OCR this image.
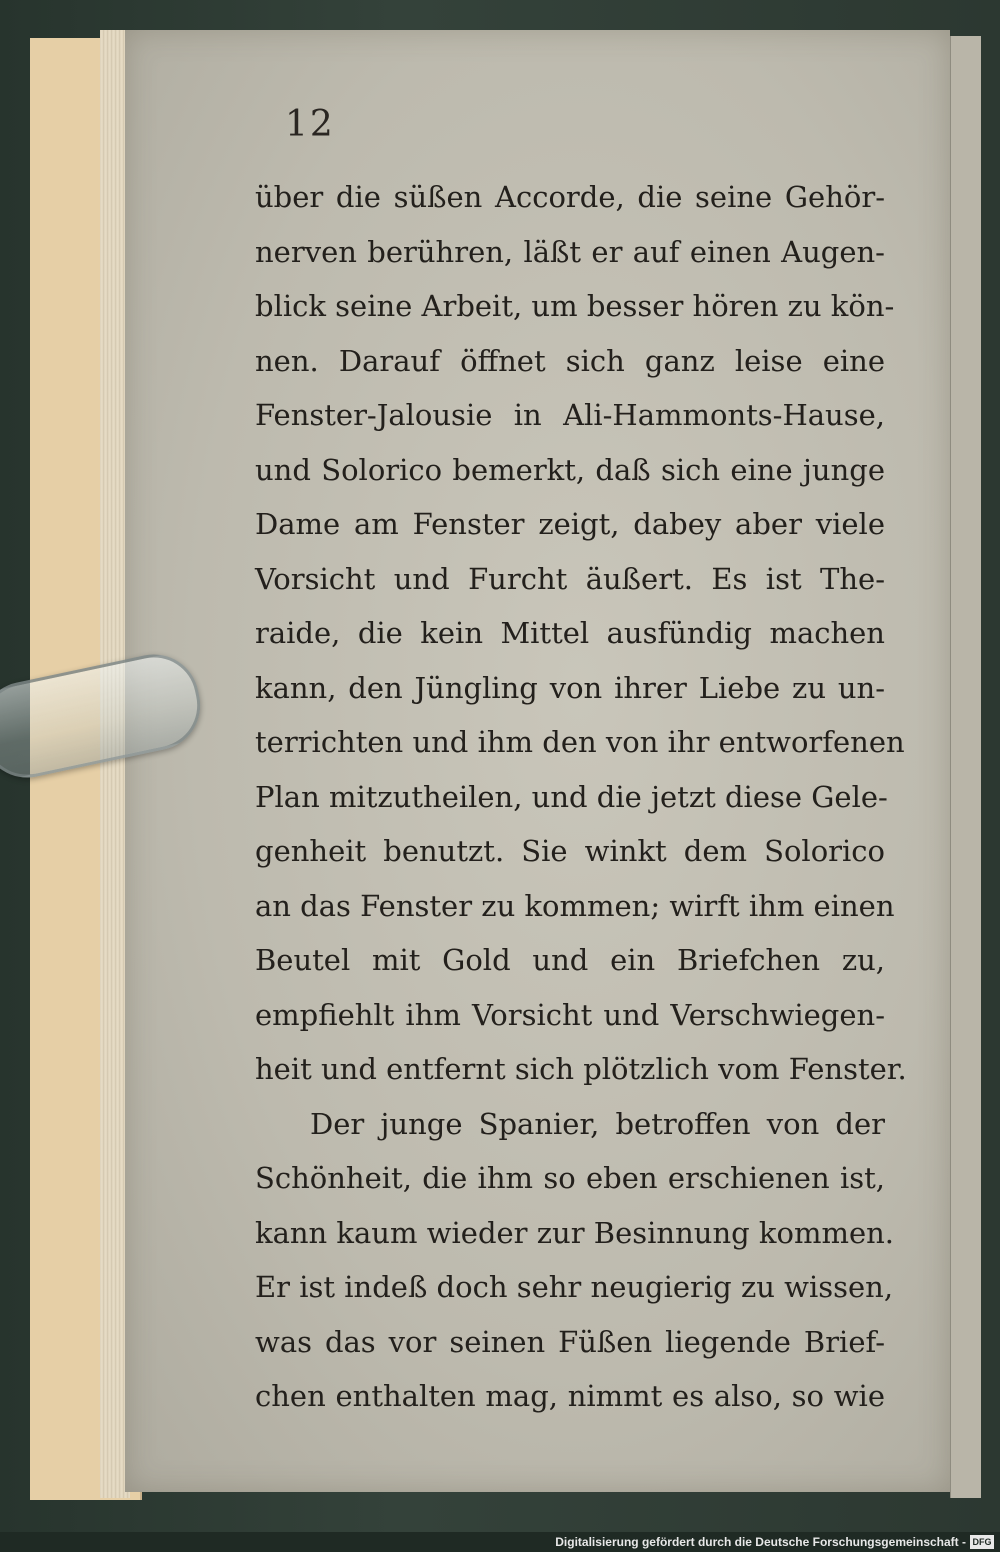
12
über die süßen Accorde, die seine Gehör-
nerven berühren, läßt er auf einen Augen-
blick seine Arbeit, um besser hören zu kön-
nen. Darauf öffnet sich ganz leise eine
Fenster-Jalousie in Ali-Hammonts-Hause,
und Solorico bemerkt, daß sich eine junge
Dame am Fenster zeigt, dabey aber viele
Vorsicht und Furcht äußert. Es ist The-
raide, die kein Mittel ausfündig machen
kann, den Jüngling von ihrer Liebe zu un-
terrichten und ihm den von ihr entworfenen
Plan mitzutheilen, und die jetzt diese Gele-
genheit benutzt. Sie winkt dem Solorico
an das Fenster zu kommen; wirft ihm einen
Beutel mit Gold und ein Briefchen zu,
empfiehlt ihm Vorsicht und Verschwiegen-
heit und entfernt sich plötzlich vom Fenster.
Der junge Spanier, betroffen von der
Schönheit, die ihm so eben erschienen ist,
kann kaum wieder zur Besinnung kommen.
Er ist indeß doch sehr neugierig zu wissen,
was das vor seinen Füßen liegende Brief-
chen enthalten mag, nimmt es also, so wie
Digitalisierung gefördert durch die Deutsche Forschungsgemeinschaft - DFG
